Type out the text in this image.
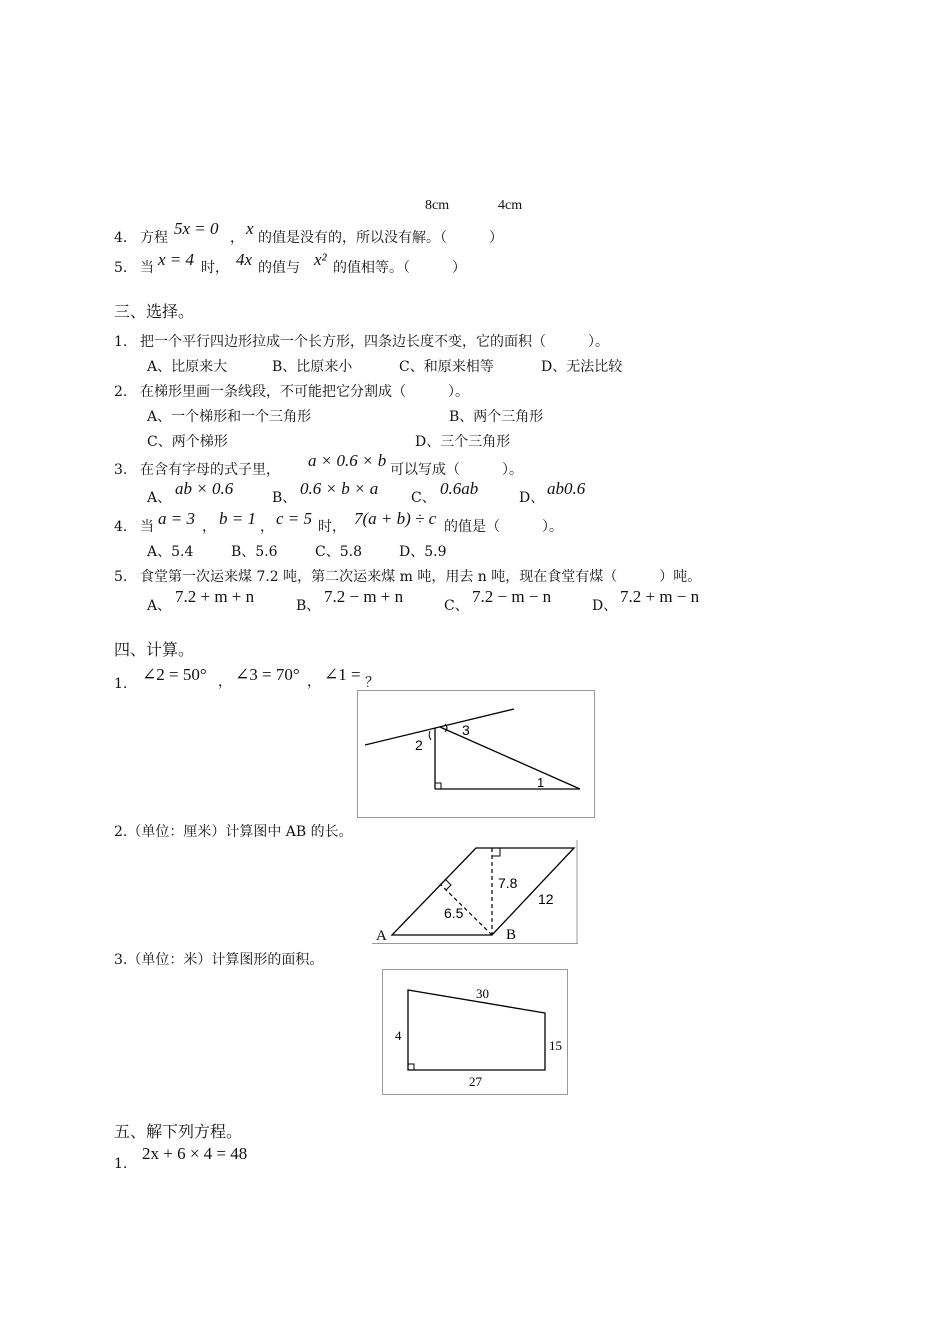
8cm	4cm
4. 方程 5x = 0 ， x 的值是没有的，所以没有解。（　　　）
5. 当 x = 4 时， 4x 的值与 x² 的值相等。（　　　）
三、选择。
1. 把一个平行四边形拉成一个长方形，四条边长度不变，它的面积（　　　）。
A、比原来大	B、比原来小	C、和原来相等	D、无法比较
2. 在梯形里画一条线段，不可能把它分割成（　　　）。
A、一个梯形和一个三角形	B、两个三角形
C、两个梯形	D、三个三角形
3. 在含有字母的式子里， a × 0.6 × b 可以写成（　　　）。
A、 ab × 0.6	B、 0.6 × b × a C、 0.6ab	D、 ab0.6
4. 当 a = 3 ， b = 1 ， c = 5 时， 7(a + b) ÷ c 的值是（　　　）。
A、5.4	B、5.6	C、5.8	D、5.9
5. 食堂第一次运来煤 7.2 吨，第二次运来煤 m 吨，用去 n 吨，现在食堂有煤（　　　）吨。
A、 7.2 + m + n	B、 7.2 − m + n	C、 7.2 − m − n	D、 7.2 + m − n
四、计算。
1. ∠2 = 50° ， ∠3 = 70° ， ∠1 = ？
2
3
1
2.（单位：厘米）计算图中 AB 的长。
A	B
7.8
6.5
12
3.（单位：米）计算图形的面积。
30
4
15
27
五、解下列方程。
1.
2x + 6 × 4 = 48
